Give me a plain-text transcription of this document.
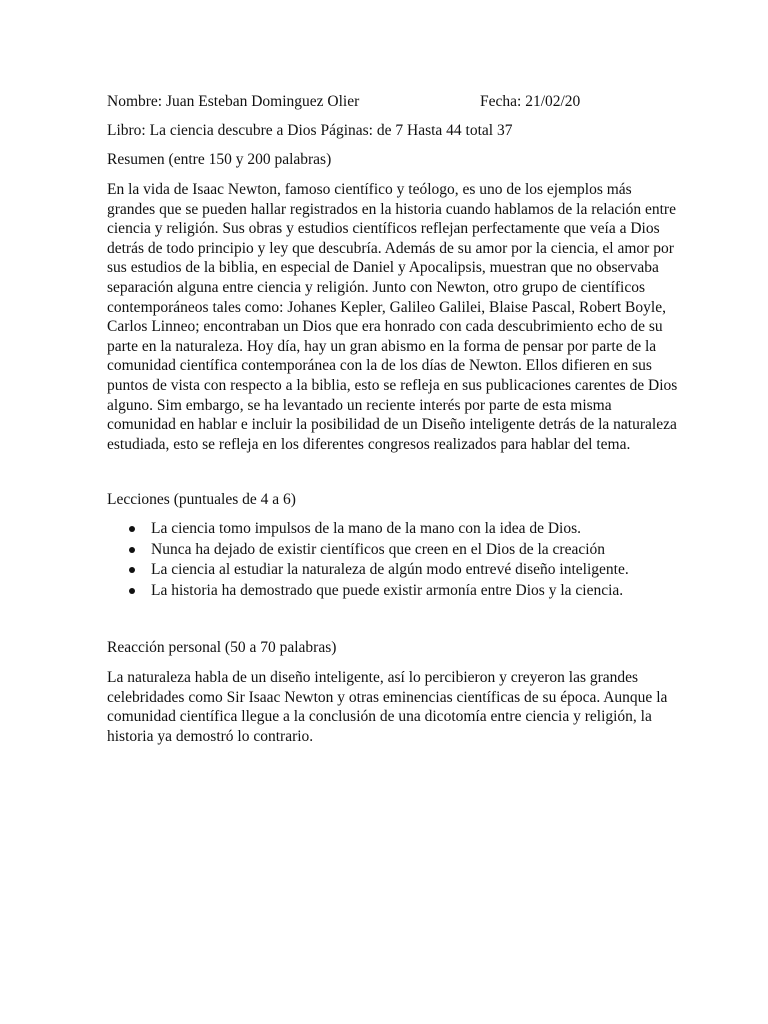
Nombre: Juan Esteban Dominguez Olier	Fecha: 21/02/20
Libro: La ciencia descubre a Dios Páginas: de 7 Hasta 44 total 37
Resumen (entre 150 y 200 palabras)
En la vida de Isaac Newton, famoso científico y teólogo, es uno de los ejemplos más
grandes que se pueden hallar registrados en la historia cuando hablamos de la relación entre
ciencia y religión. Sus obras y estudios científicos reflejan perfectamente que veía a Dios
detrás de todo principio y ley que descubría. Además de su amor por la ciencia, el amor por
sus estudios de la biblia, en especial de Daniel y Apocalipsis, muestran que no observaba
separación alguna entre ciencia y religión. Junto con Newton, otro grupo de científicos
contemporáneos tales como: Johanes Kepler, Galileo Galilei, Blaise Pascal, Robert Boyle,
Carlos Linneo; encontraban un Dios que era honrado con cada descubrimiento echo de su
parte en la naturaleza. Hoy día, hay un gran abismo en la forma de pensar por parte de la
comunidad científica contemporánea con la de los días de Newton. Ellos difieren en sus
puntos de vista con respecto a la biblia, esto se refleja en sus publicaciones carentes de Dios
alguno. Sim embargo, se ha levantado un reciente interés por parte de esta misma
comunidad en hablar e incluir la posibilidad de un Diseño inteligente detrás de la naturaleza
estudiada, esto se refleja en los diferentes congresos realizados para hablar del tema.
Lecciones (puntuales de 4 a 6)
La ciencia tomo impulsos de la mano de la mano con la idea de Dios.
Nunca ha dejado de existir científicos que creen en el Dios de la creación
La ciencia al estudiar la naturaleza de algún modo entrevé diseño inteligente.
La historia ha demostrado que puede existir armonía entre Dios y la ciencia.
Reacción personal (50 a 70 palabras)
La naturaleza habla de un diseño inteligente, así lo percibieron y creyeron las grandes
celebridades como Sir Isaac Newton y otras eminencias científicas de su época. Aunque la
comunidad científica llegue a la conclusión de una dicotomía entre ciencia y religión, la
historia ya demostró lo contrario.
